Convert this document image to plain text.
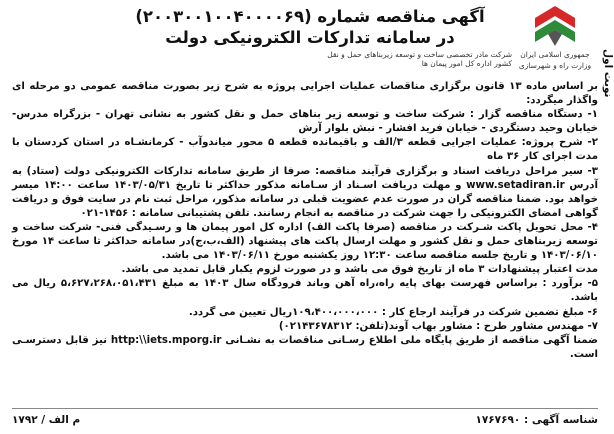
نوبت اول
جمهوری اسلامی ایران
وزارت راه و شهرسازی
آگهی مناقصه شماره (۲۰۰۳۰۰۱۰۰۴۰۰۰۰۶۹)
در سامانه تدارکات الکترونیکی دولت
شرکت مادر تخصصی ساخت و توسعه زیربناهای حمل و نقل کشور اداره کل امور پیمان ها

بر اساس ماده ۱۳ قانون برگزاری مناقصات عملیات اجرایی پروژه به شرح زیر بصورت مناقصه عمومی دو مرحله ای واگذار میگردد:

۱- دستگاه مناقصه گزار : شرکت ساخت و توسعه زیر بناهای حمل و نقل کشور به نشانی تهران - بزرگراه مدرس- خیابان وحید دستگردی - خیابان فرید افشار - نبش بلوار آرش

۲- شرح پروژه: عملیات اجرایی قطعه ۳/الف و باقیمانده قطعه ۵ محور میاندوآب - کرمانشـاه در استان کردستان با مدت اجرای کار ۳۶ ماه

۳- سیر مراحل دریافت اسناد و برگزاری فرآیند مناقصه: صرفا از طریق سامانه تدارکات الکترونیکی دولت (ستاد) به آدرس www.setadiran.ir و مهلت دریافت اسـناد از سـامانه مذکور حداکثر تا تاریخ ۱۴۰۳/۰۵/۳۱ ساعت ۱۴:۰۰ میسر خواهد بود. ضمنا مناقصه گران در صورت عدم عضویت قبلی در سامانه مذکور، مراحل ثبت نام در سایت فوق و دریافت گواهی امضای الکترونیکی را جهت شرکت در مناقصه به انجام رسانند. تلفن پشتیبانی سامانه : ۱۴۵۶-۰۲۱

۴- محل تحویل پاکت شـرکت در مناقصه (صرفا پاکت الف) اداره کل امور پیمان ها و رسـیدگی فنی- شرکت ساخت و توسعه زیربناهای حمل و نقل کشور و مهلت ارسال پاکت های پیشنهاد (الف،ب،ج)در سامانه حداکثر تا ساعت ۱۴ مورخ ۱۴۰۳/۰۶/۱۰ و تاریخ جلسه مناقصه ساعت ۱۲:۳۰ روز یکشنبه مورخ ۱۴۰۳/۰۶/۱۱ می باشد.

مدت اعتبار پیشنهادات ۳ ماه از تاریخ فوق می باشد و در صورت لزوم یکبار قابل تمدید می باشد.

۵- برآورد : براساس فهرست بهای پایه راه،راه آهن وباند فرودگاه سال ۱۴۰۳ به مبلغ ۵،۶۲۷،۲۶۸،۰۵۱،۴۳۱ ریال می باشد.

۶- مبلغ تضمین شرکت در فرآیند ارجاع کار : ۱۰۹،۴۰۰،۰۰۰،۰۰۰ریال تعیین می گردد.

۷- مهندس مشاور طرح : مشاور بهاب آوند(تلفن: ۰۲۱۴۳۶۷۸۳۱۲)

ضمنا آگهی مناقصه از طریق پایگاه ملی اطلاع رسـانی مناقصات به نشـانی http:\\iets.mporg.ir نیز قابل دسترسـی است.

شناسه آگهی : ۱۷۶۷۶۹۰
م الف / ۱۷۹۲
